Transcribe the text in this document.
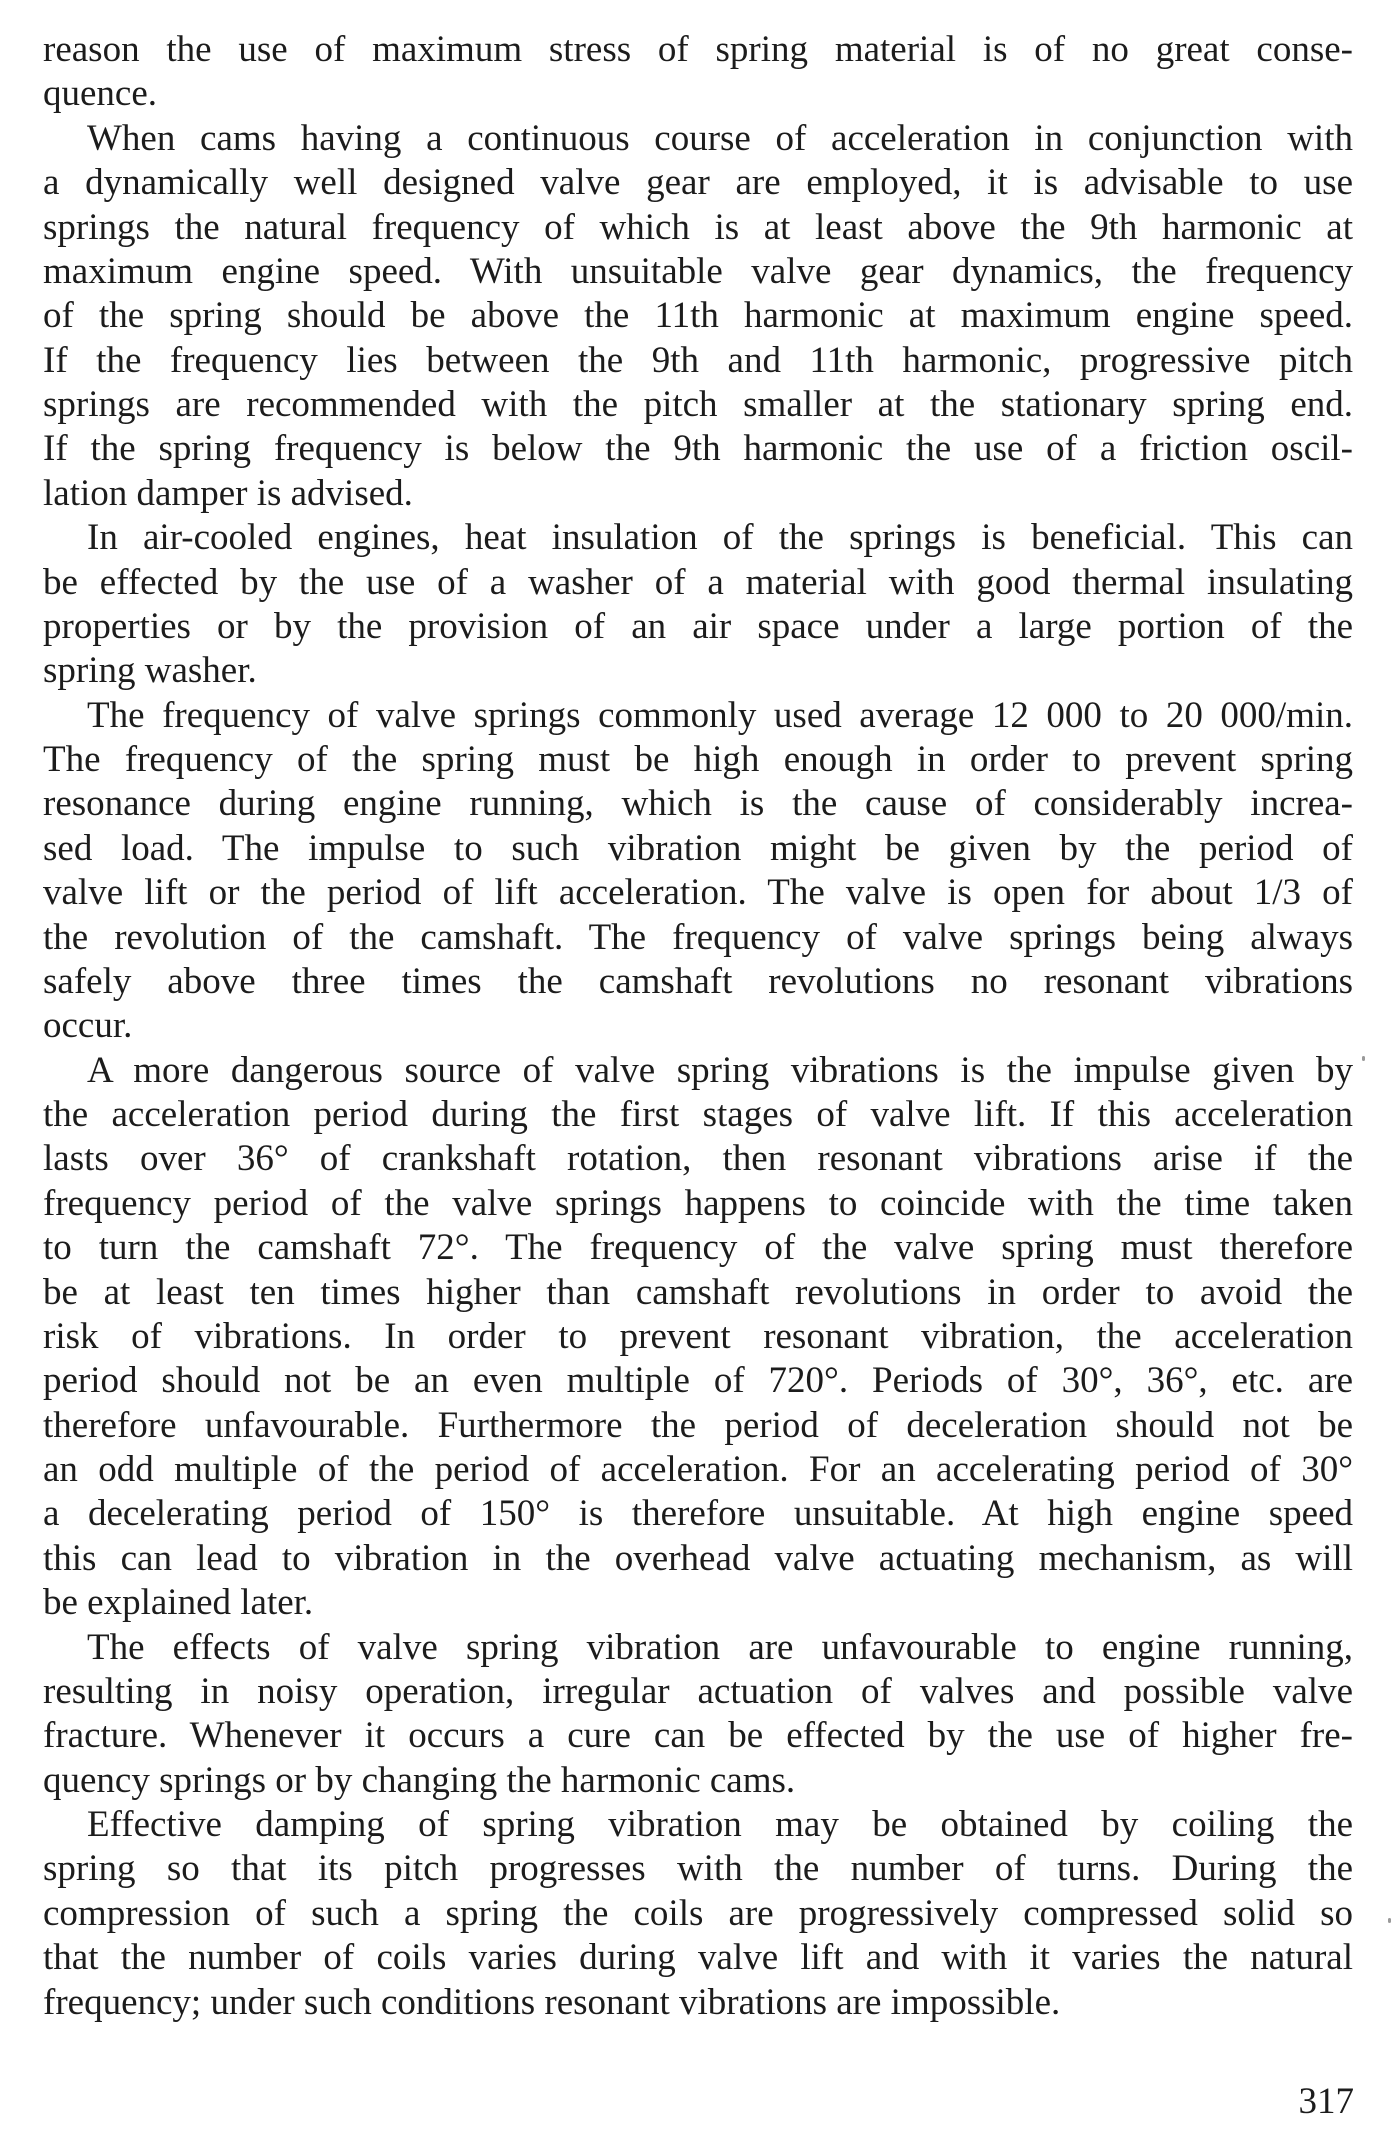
reason the use of maximum stress of spring material is of no great conse-
quence.
When cams having a continuous course of acceleration in conjunction with
a dynamically well designed valve gear are employed, it is advisable to use
springs the natural frequency of which is at least above the 9th harmonic at
maximum engine speed. With unsuitable valve gear dynamics, the frequency
of the spring should be above the 11th harmonic at maximum engine speed.
If the frequency lies between the 9th and 11th harmonic, progressive pitch
springs are recommended with the pitch smaller at the stationary spring end.
If the spring frequency is below the 9th harmonic the use of a friction oscil-
lation damper is advised.
In air-cooled engines, heat insulation of the springs is beneficial. This can
be effected by the use of a washer of a material with good thermal insulating
properties or by the provision of an air space under a large portion of the
spring washer.
The frequency of valve springs commonly used average 12 000 to 20 000/min.
The frequency of the spring must be high enough in order to prevent spring
resonance during engine running, which is the cause of considerably increa-
sed load. The impulse to such vibration might be given by the period of
valve lift or the period of lift acceleration. The valve is open for about 1/3 of
the revolution of the camshaft. The frequency of valve springs being always
safely above three times the camshaft revolutions no resonant vibrations
occur.
A more dangerous source of valve spring vibrations is the impulse given by
the acceleration period during the first stages of valve lift. If this acceleration
lasts over 36° of crankshaft rotation, then resonant vibrations arise if the
frequency period of the valve springs happens to coincide with the time taken
to turn the camshaft 72°. The frequency of the valve spring must therefore
be at least ten times higher than camshaft revolutions in order to avoid the
risk of vibrations. In order to prevent resonant vibration, the acceleration
period should not be an even multiple of 720°. Periods of 30°, 36°, etc. are
therefore unfavourable. Furthermore the period of deceleration should not be
an odd multiple of the period of acceleration. For an accelerating period of 30°
a decelerating period of 150° is therefore unsuitable. At high engine speed
this can lead to vibration in the overhead valve actuating mechanism, as will
be explained later.
The effects of valve spring vibration are unfavourable to engine running,
resulting in noisy operation, irregular actuation of valves and possible valve
fracture. Whenever it occurs a cure can be effected by the use of higher fre-
quency springs or by changing the harmonic cams.
Effective damping of spring vibration may be obtained by coiling the
spring so that its pitch progresses with the number of turns. During the
compression of such a spring the coils are progressively compressed solid so
that the number of coils varies during valve lift and with it varies the natural
frequency; under such conditions resonant vibrations are impossible.
317
